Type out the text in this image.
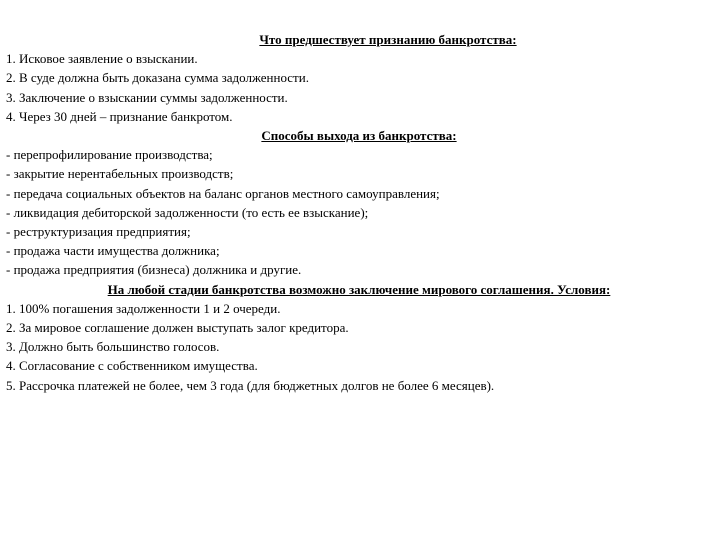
Что предшествует признанию банкротства:
1. Исковое заявление о взыскании.
2. В суде должна быть доказана сумма задолженности.
3. Заключение о взыскании суммы задолженности.
4. Через 30 дней – признание банкротом.
Способы выхода из банкротства:
- перепрофилирование производства;
- закрытие нерентабельных производств;
- передача социальных объектов на баланс органов местного самоуправления;
- ликвидация дебиторской задолженности (то есть ее взыскание);
- реструктуризация предприятия;
- продажа части имущества должника;
- продажа предприятия (бизнеса) должника и другие.
На любой стадии банкротства возможно заключение мирового соглашения. Условия:
1. 100% погашения задолженности 1 и 2 очереди.
2. За мировое соглашение должен выступать залог кредитора.
3. Должно быть большинство голосов.
4. Согласование с собственником имущества.
5. Рассрочка платежей не более, чем 3 года (для бюджетных долгов не более 6 месяцев).
